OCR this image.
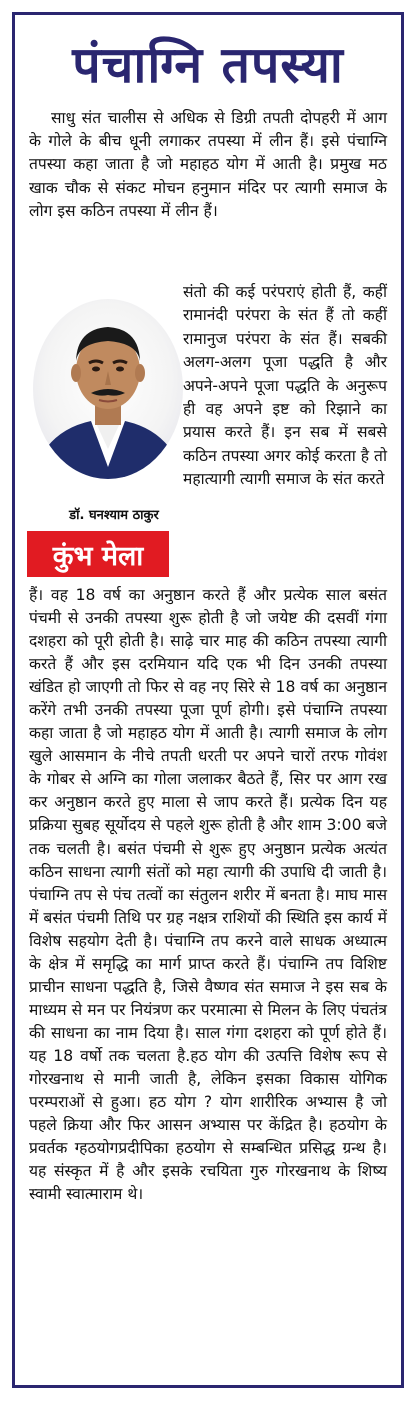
पंचाग्नि तपस्या

साधु संत चालीस से अधिक से डिग्री तपती दोपहरी में आग के गोले के बीच धूनी लगाकर तपस्या में लीन हैं। इसे पंचाग्नि तपस्या कहा जाता है जो महाहठ योग में आती है। प्रमुख मठ खाक चौक से संकट मोचन हनुमान मंदिर पर त्यागी समाज के लोग इस कठिन तपस्या में लीन हैं।

डॉ. घनश्याम ठाकुर
कुंभ मेला

संतो की कई परंपराएं होती हैं, कहीं रामानंदी परंपरा के संत हैं तो कहीं रामानुज परंपरा के संत हैं। सबकी अलग-अलग पूजा पद्धति है और अपने-अपने पूजा पद्धति के अनुरूप ही वह अपने इष्ट को रिझाने का प्रयास करते हैं। इन सब में सबसे कठिन तपस्या अगर कोई करता है तो महात्यागी त्यागी समाज के संत करते

हैं। वह 18 वर्ष का अनुष्ठान करते हैं और प्रत्येक साल बसंत पंचमी से उनकी तपस्या शुरू होती है जो जयेष्ट की दसवीं गंगा दशहरा को पूरी होती है। साढ़े चार माह की कठिन तपस्या त्यागी करते हैं और इस दरमियान यदि एक भी दिन उनकी तपस्या खंडित हो जाएगी तो फिर से वह नए सिरे से 18 वर्ष का अनुष्ठान करेंगे तभी उनकी तपस्या पूजा पूर्ण होगी। इसे पंचाग्नि तपस्या कहा जाता है जो महाहठ योग में आती है। त्यागी समाज के लोग खुले आसमान के नीचे तपती धरती पर अपने चारों तरफ गोवंश के गोबर से अग्नि का गोला जलाकर बैठते हैं, सिर पर आग रख कर अनुष्ठान करते हुए माला से जाप करते हैं। प्रत्येक दिन यह प्रक्रिया सुबह सूर्योदय से पहले शुरू होती है और शाम 3:00 बजे तक चलती है। बसंत पंचमी से शुरू हुए अनुष्ठान प्रत्येक अत्यंत कठिन साधना त्यागी संतों को महा त्यागी की उपाधि दी जाती है। पंचाग्नि तप से पंच तत्वों का संतुलन शरीर में बनता है। माघ मास में बसंत पंचमी तिथि पर ग्रह नक्षत्र राशियों की स्थिति इस कार्य में विशेष सहयोग देती है। पंचाग्नि तप करने वाले साधक अध्यात्म के क्षेत्र में समृद्धि का मार्ग प्राप्त करते हैं। पंचाग्नि तप विशिष्ट प्राचीन साधना पद्धति है, जिसे वैष्णव संत समाज ने इस सब के माध्यम से मन पर नियंत्रण कर परमात्मा से मिलन के लिए पंचतंत्र की साधना का नाम दिया है। साल गंगा दशहरा को पूर्ण होते हैं। यह 18 वर्षो तक चलता है.हठ योग की उत्पत्ति विशेष रूप से गोरखनाथ से मानी जाती है, लेकिन इसका विकास योगिक परम्पराओं से हुआ। हठ योग ? योग शारीरिक अभ्यास है जो पहले क्रिया और फिर आसन अभ्यास पर केंद्रित है। हठयोग के प्रवर्तक ग्हठयोगप्रदीपिका हठयोग से सम्बन्धित प्रसिद्ध ग्रन्थ है। यह संस्कृत में है और इसके रचयिता गुरु गोरखनाथ के शिष्य स्वामी स्वात्माराम थे।
